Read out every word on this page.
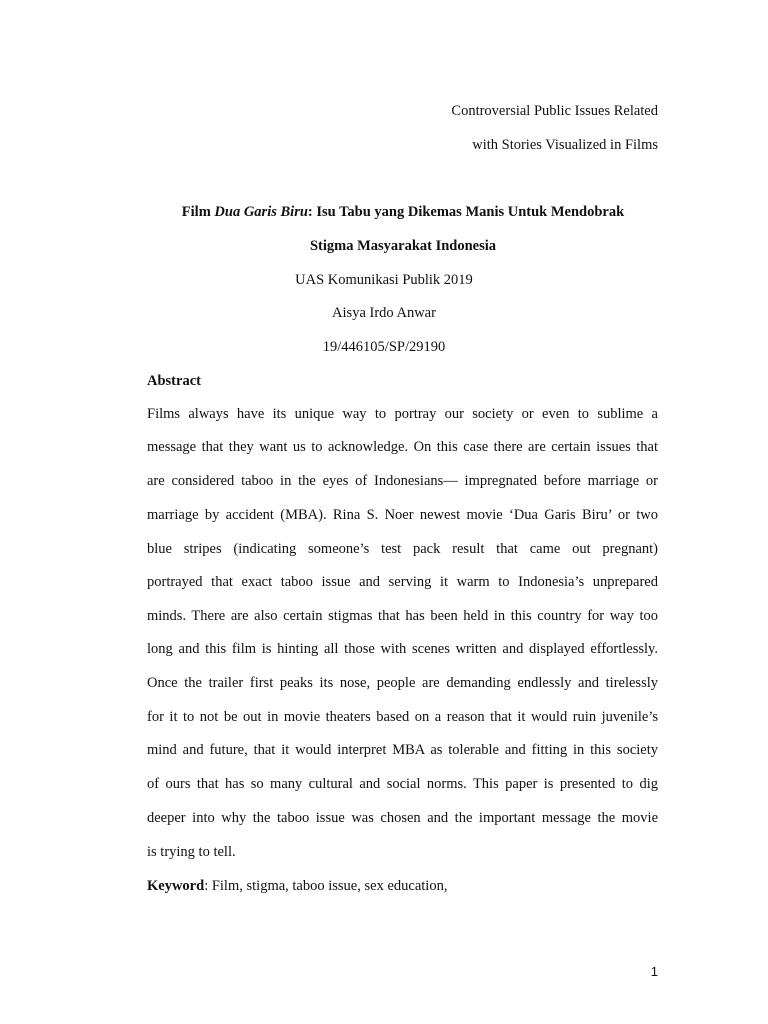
Controversial Public Issues Related
with Stories Visualized in Films
Film Dua Garis Biru: Isu Tabu yang Dikemas Manis Untuk Mendobrak
Stigma Masyarakat Indonesia
UAS Komunikasi Publik 2019
Aisya Irdo Anwar
19/446105/SP/29190
Abstract
Films always have its unique way to portray our society or even to sublime a
message that they want us to acknowledge. On this case there are certain issues that
are considered taboo in the eyes of Indonesians— impregnated before marriage or
marriage by accident (MBA). Rina S. Noer newest movie ‘Dua Garis Biru’ or two
blue stripes (indicating someone’s test pack result that came out pregnant)
portrayed that exact taboo issue and serving it warm to Indonesia’s unprepared
minds. There are also certain stigmas that has been held in this country for way too
long and this film is hinting all those with scenes written and displayed effortlessly.
Once the trailer first peaks its nose, people are demanding endlessly and tirelessly
for it to not be out in movie theaters based on a reason that it would ruin juvenile’s
mind and future, that it would interpret MBA as tolerable and fitting in this society
of ours that has so many cultural and social norms. This paper is presented to dig
deeper into why the taboo issue was chosen and the important message the movie
is trying to tell.
Keyword: Film, stigma, taboo issue, sex education,
1
